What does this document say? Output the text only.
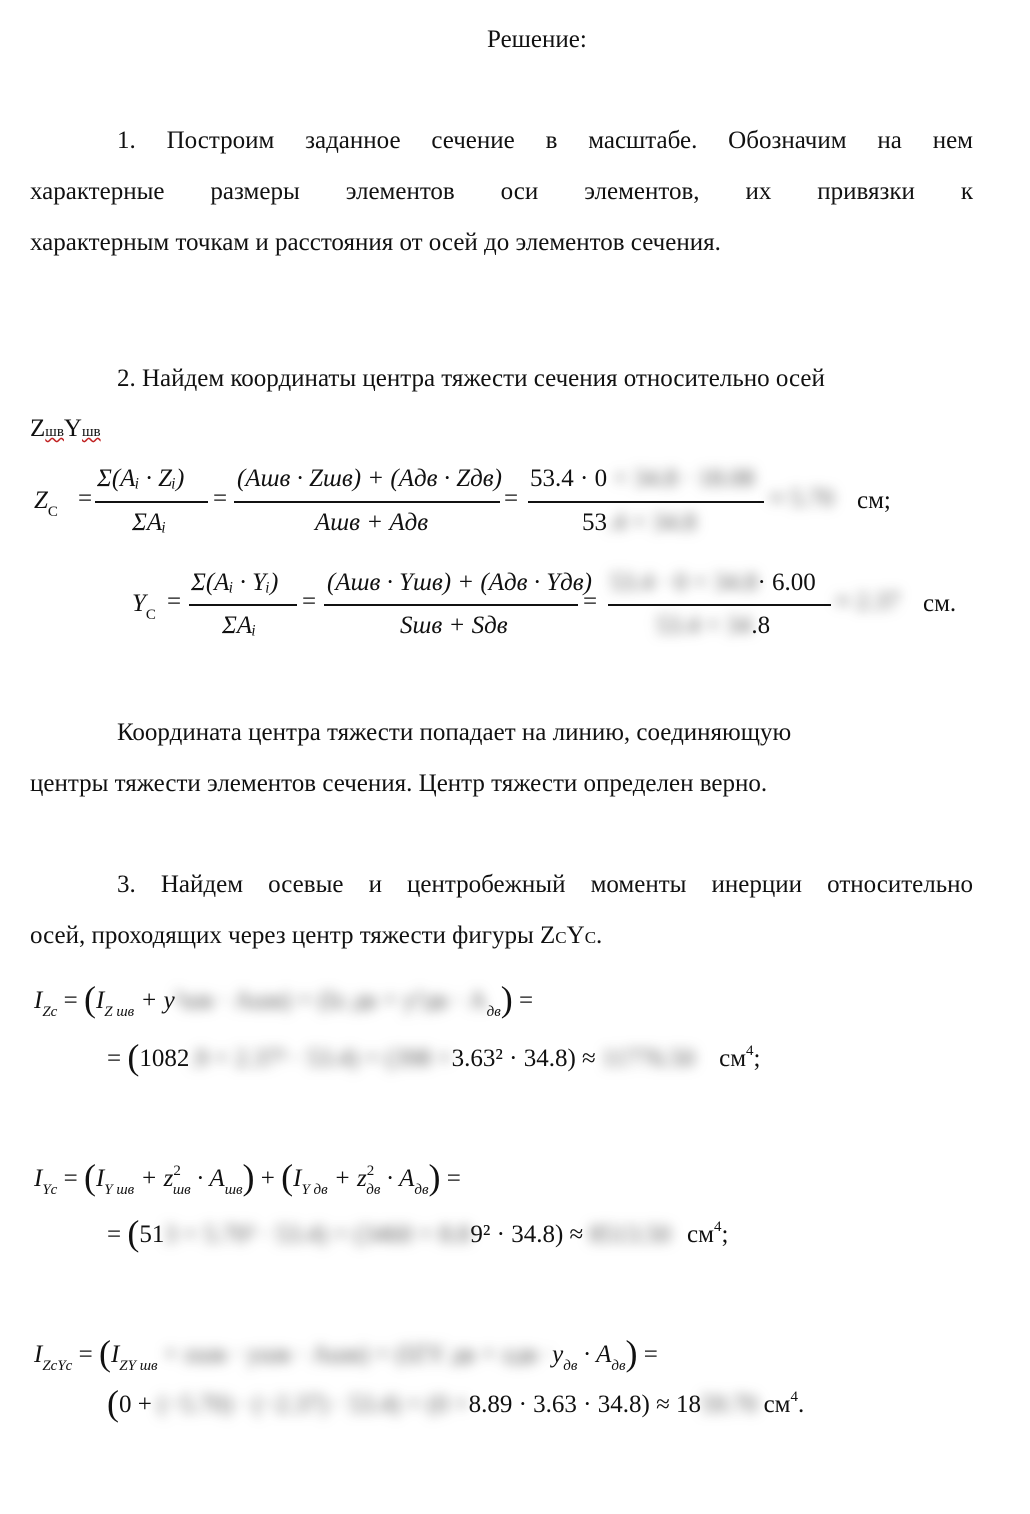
Решение:
1. Построим заданное сечение в масштабе. Обозначим на нем
характерные размеры элементов оси элементов, их привязки к
характерным точкам и расстояния от осей до элементов сечения.
2. Найдем координаты центра тяжести сечения относительно осей
ZшвYшв
$Z_C$ =
Σ(Aᵢ · Zᵢ)
ΣAᵢ
=
(Aшв · Zшв) + (Aдв · Zдв)
Aшв + Aдв
=
53.4 · 0 + 34.8 · 18.08
53.4 + 34.8
≈ 5.70 см;
$Y_C$ =
Σ(Aᵢ · Yᵢ)
ΣAᵢ
=
(Aшв · Yшв) + (Aдв · Yдв)
Sшв + Sдв
=
53.4 · 0 + 34.8· 6.00
53.4 + 34.8
≈ 2.37 см.
Координата центра тяжести попадает на линию, соединяющую
центры тяжести элементов сечения. Центр тяжести определен верно.
3. Найдем осевые и центробежный моменты инерции относительно
осей, проходящих через центр тяжести фигуры ZCYC.
$I_{Zc} = (I_{Z шв} + y^2шв \cdot Aшв) + (Iz$ дв + $y^2дв \cdot A_{дв}$) =
= (1082.9 + 2.37² · 53.4) + (398 +3.63² · 34.8) ≈ 11776.50 $см^4$;
$I_{Yc} = (I_{Y шв} + z^2_{шв} \cdot A_{шв}) + (I_{Y дв} + z^2_{дв} \cdot A_{дв})$ =
= (513 + 5.70² · 53.4) + (3460 + 8.89² · 34.8) ≈ 8513.50 $см^4$;
$I_{ZcYc} = (I_{ZY шв}$ + zшв · yшв · Aшв) + (IZY дв + zдв $\cdot y_{дв} \cdot A_{дв}$) =
(0 + (−5.70) · (−2.37) · 53.4) + (0 +8.89 · 3.63 · 34.8) ≈ 1859.70 $см^4$.
